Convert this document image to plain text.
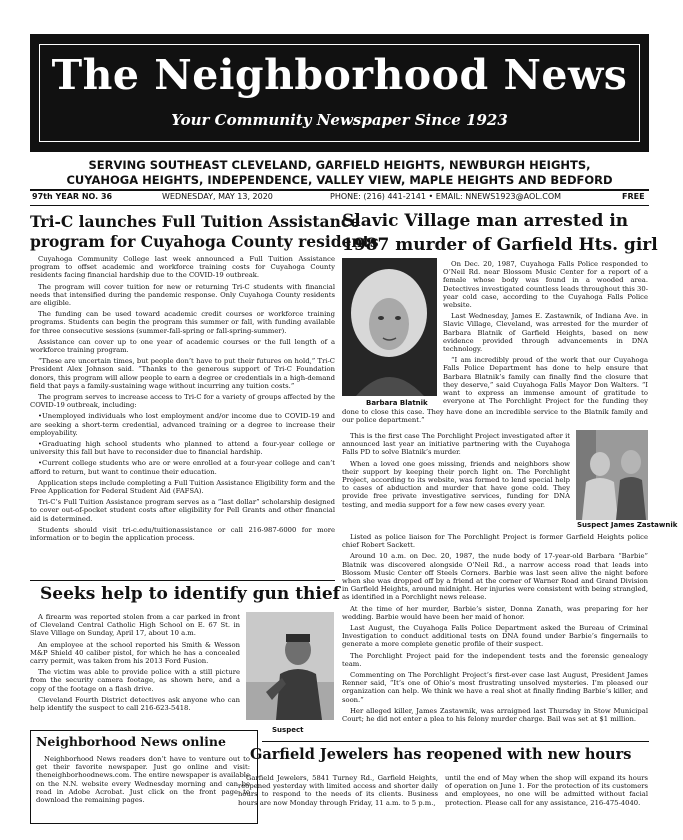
The Neighborhood News
Your Community Newspaper Since 1923
SERVING SOUTHEAST CLEVELAND, GARFIELD HEIGHTS, NEWBURGH HEIGHTS,
CUYAHOGA HEIGHTS, INDEPENDENCE, VALLEY VIEW, MAPLE HEIGHTS AND BEDFORD
97th YEAR NO. 36	WEDNESDAY, MAY 13, 2020	PHONE: (216) 441-2141 • EMAIL: NNEWS1923@AOL.COM	FREE
Tri-C launches Full Tuition Assistance
program for Cuyahoga County residents

Cuyahoga Community College last week announced a Full Tuition Assistance program to offset academic and workforce training costs for Cuyahoga County residents facing financial hardship due to the COVID-19 outbreak.

The program will cover tuition for new or returning Tri-C students with financial needs that intensified during the pandemic response. Only Cuyahoga County residents are eligible.

The funding can be used toward academic credit courses or workforce training programs. Students can begin the program this summer or fall, with funding available for three consecutive sessions (summer-fall-spring or fall-spring-summer).

Assistance can cover up to one year of academic courses or the full length of a workforce training program.

“These are uncertain times, but people don’t have to put their futures on hold,” Tri-C President Alex Johnson said. “Thanks to the generous support of Tri-C Foundation donors, this program will allow people to earn a degree or credentials in a high-demand field that pays a family-sustaining wage without incurring any tuition costs.”

The program serves to increase access to Tri-C for a variety of groups affected by the COVID-19 outbreak, including:

•Unemployed individuals who lost employment and/or income due to COVID-19 and are seeking a short-term credential, advanced training or a degree to increase their employability.

•Graduating high school students who planned to attend a four-year college or university this fall but have to reconsider due to financial hardship.

•Current college students who are or were enrolled at a four-year college and can’t afford to return, but want to continue their education.

Application steps include completing a Full Tuition Assistance Eligibility form and the Free Application for Federal Student Aid (FAFSA).

Tri-C’s Full Tuition Assistance program serves as a “last dollar” scholarship designed to cover out-of-pocket student costs after eligibility for Pell Grants and other financial aid is determined.

Students should visit tri-c.edu/tuitionassistance or call 216-987-6000 for more information or to begin the application process.

Seeks help to identify gun thief

A firearm was reported stolen from a car parked in front of Cleveland Central Catholic High School on E. 67 St. in Slave Village on Sunday, April 17, about 10 a.m.

An employee at the school reported his Smith & Wesson M&P Shield 40 caliber pistol, for which he has a concealed carry permit, was taken from his 2013 Ford Fusion.

The victim was able to provide police with a still picture from the security camera footage, as shown here, and a copy of the footage on a flash drive.

Cleveland Fourth District detectives ask anyone who can help identify the suspect to call 216-623-5418.

Suspect
Neighborhood News online

Neighborhood News readers don’t have to venture out to get their favorite newspaper. Just go online and visit: theneighborhoodnews.com. The entire newspaper is available on the N.N. website every Wednesday morning and can be read in Adobe Acrobat. Just click on the front page to download the remaining pages.

Slavic Village man arrested in
1987 murder of Garfield Hts. girl
Barbara Blatnik

On Dec. 20, 1987, Cuyahoga Falls Police responded to O’Neil Rd. near Blossom Music Center for a report of a female whose body was found in a wooded area. Detectives investigated countless leads throughout this 30-year cold case, according to the Cuyahoga Falls Police website.

Last Wednesday, James E. Zastawnik, of Indiana Ave. in Slavic Village, Cleveland, was arrested for the murder of Barbara Blatnik of Garfield Heights, based on new evidence provided through advancements in DNA technology.

“I am incredibly proud of the work that our Cuyahoga Falls Police Department has done to help ensure that Barbara Blatnik’s family can finally find the closure that they deserve,” said Cuyahoga Falls Mayor Don Walters. “I want to express an immense amount of gratitude to everyone at The Porchlight Project for the funding they

done to close this case. They have done an incredible service to the Blatnik family and our police department.”

This is the first case The Porchlight Project investigated after it announced last year an initiative partnering with the Cuyahoga Falls PD to solve Blatnik’s murder.

When a loved one goes missing, friends and neighbors show their support by keeping their porch light on. The Porchlight Project, according to its website, was formed to lend special help to cases of abduction and murder that have gone cold. They provide free private investigative services, funding for DNA testing, and media support for a few new cases every year.

Suspect James Zastawnik

Listed as police liaison for The Porchlight Project is former Garfield Heights police chief Robert Sackett.

Around 10 a.m. on Dec. 20, 1987, the nude body of 17-year-old Barbara “Barbie” Blatnik was discovered alongside O’Neil Rd., a narrow access road that leads into Blossom Music Center off Steels Corners. Barbie was last seen alive the night before when she was dropped off by a friend at the corner of Warner Road and Grand Division in Garfield Heights, around midnight. Her injuries were consistent with being strangled, as identified in a Porchlight news release.

At the time of her murder, Barbie’s sister, Donna Zanath, was preparing for her wedding. Barbie would have been her maid of honor.

Last August, the Cuyahoga Falls Police Department asked the Bureau of Criminal Investigation to conduct additional tests on DNA found under Barbie’s fingernails to generate a more complete genetic profile of their suspect.

The Porchlight Project paid for the independent tests and the forensic genealogy team.

Commenting on The Porchlight Project’s first-ever case last August, President James Renner said, “It’s one of Ohio’s most frustrating unsolved mysteries. I’m pleased our organization can help. We think we have a real shot at finally finding Barbie’s killer, and soon.”

Her alleged killer, James Zastawnik, was arraigned last Thursday in Stow Municipal Court; he did not enter a plea to his felony murder charge. Bail was set at $1 million.

Garfield Jewelers has reopened with new hours

Garfield Jewelers, 5841 Turney Rd., Garfield Heights, reopened yesterday with limited access and shorter daily hours to respond to the needs of its clients. Business hours are now Monday through Friday, 11 a.m. to 5 p.m.,

until the end of May when the shop will expand its hours of operation on June 1. For the protection of its customers and employees, no one will be admitted without facial protection. Please call for any assistance, 216-475-4040.
